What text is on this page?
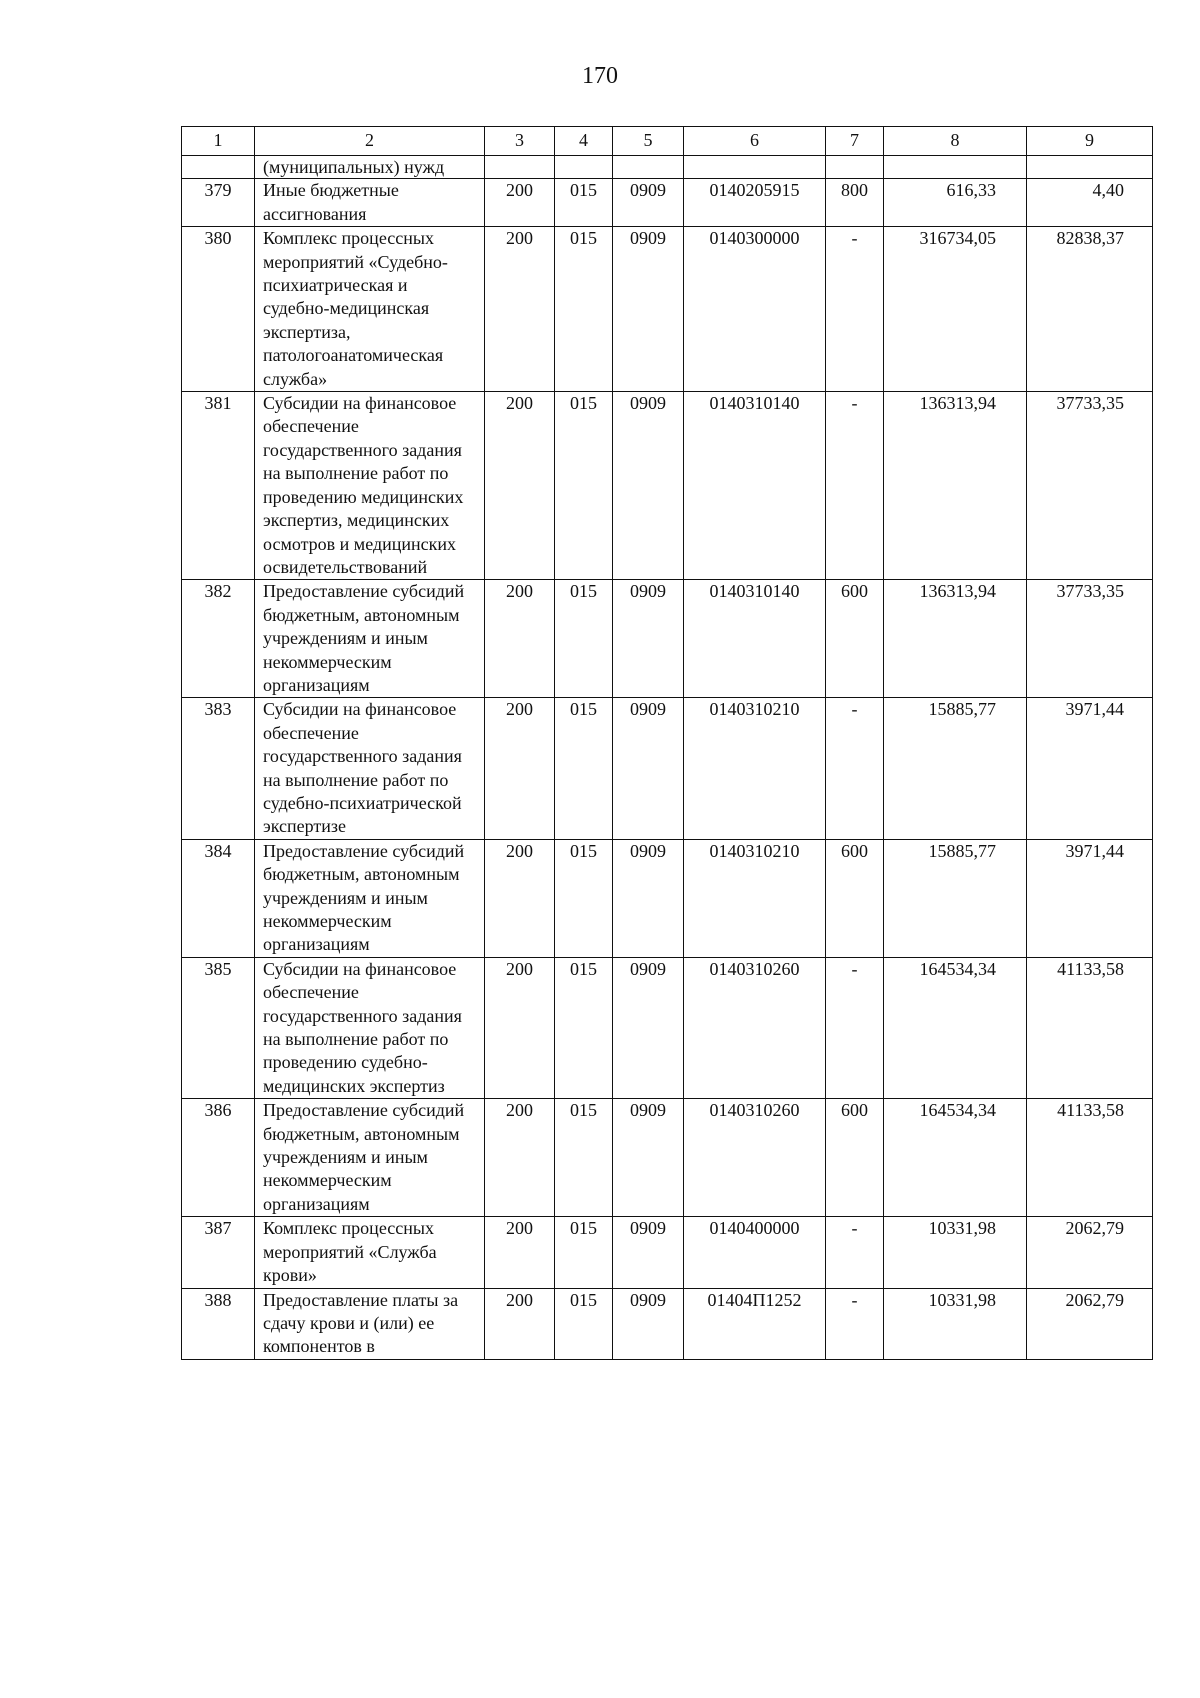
170
1	2	3	4	5	6	7	8	9
	(муниципальных) нужд							
379	Иные бюджетные ассигнования	200	015	0909	0140205915	800	616,33	4,40
380	Комплекс процессных мероприятий «Судебно-психиатрическая и судебно-медицинская экспертиза, патологоанатомическая служба»	200	015	0909	0140300000	-	316734,05	82838,37
381	Субсидии на финансовое обеспечение государственного задания на выполнение работ по проведению медицинских экспертиз, медицинских осмотров и медицинских освидетельствований	200	015	0909	0140310140	-	136313,94	37733,35
382	Предоставление субсидий бюджетным, автономным учреждениям и иным некоммерческим организациям	200	015	0909	0140310140	600	136313,94	37733,35
383	Субсидии на финансовое обеспечение государственного задания на выполнение работ по судебно-психиатрической экспертизе	200	015	0909	0140310210	-	15885,77	3971,44
384	Предоставление субсидий бюджетным, автономным учреждениям и иным некоммерческим организациям	200	015	0909	0140310210	600	15885,77	3971,44
385	Субсидии на финансовое обеспечение государственного задания на выполнение работ по проведению судебно-медицинских экспертиз	200	015	0909	0140310260	-	164534,34	41133,58
386	Предоставление субсидий бюджетным, автономным учреждениям и иным некоммерческим организациям	200	015	0909	0140310260	600	164534,34	41133,58
387	Комплекс процессных мероприятий «Служба крови»	200	015	0909	0140400000	-	10331,98	2062,79
388	Предоставление платы за сдачу крови и (или) ее компонентов в	200	015	0909	01404П1252	-	10331,98	2062,79
